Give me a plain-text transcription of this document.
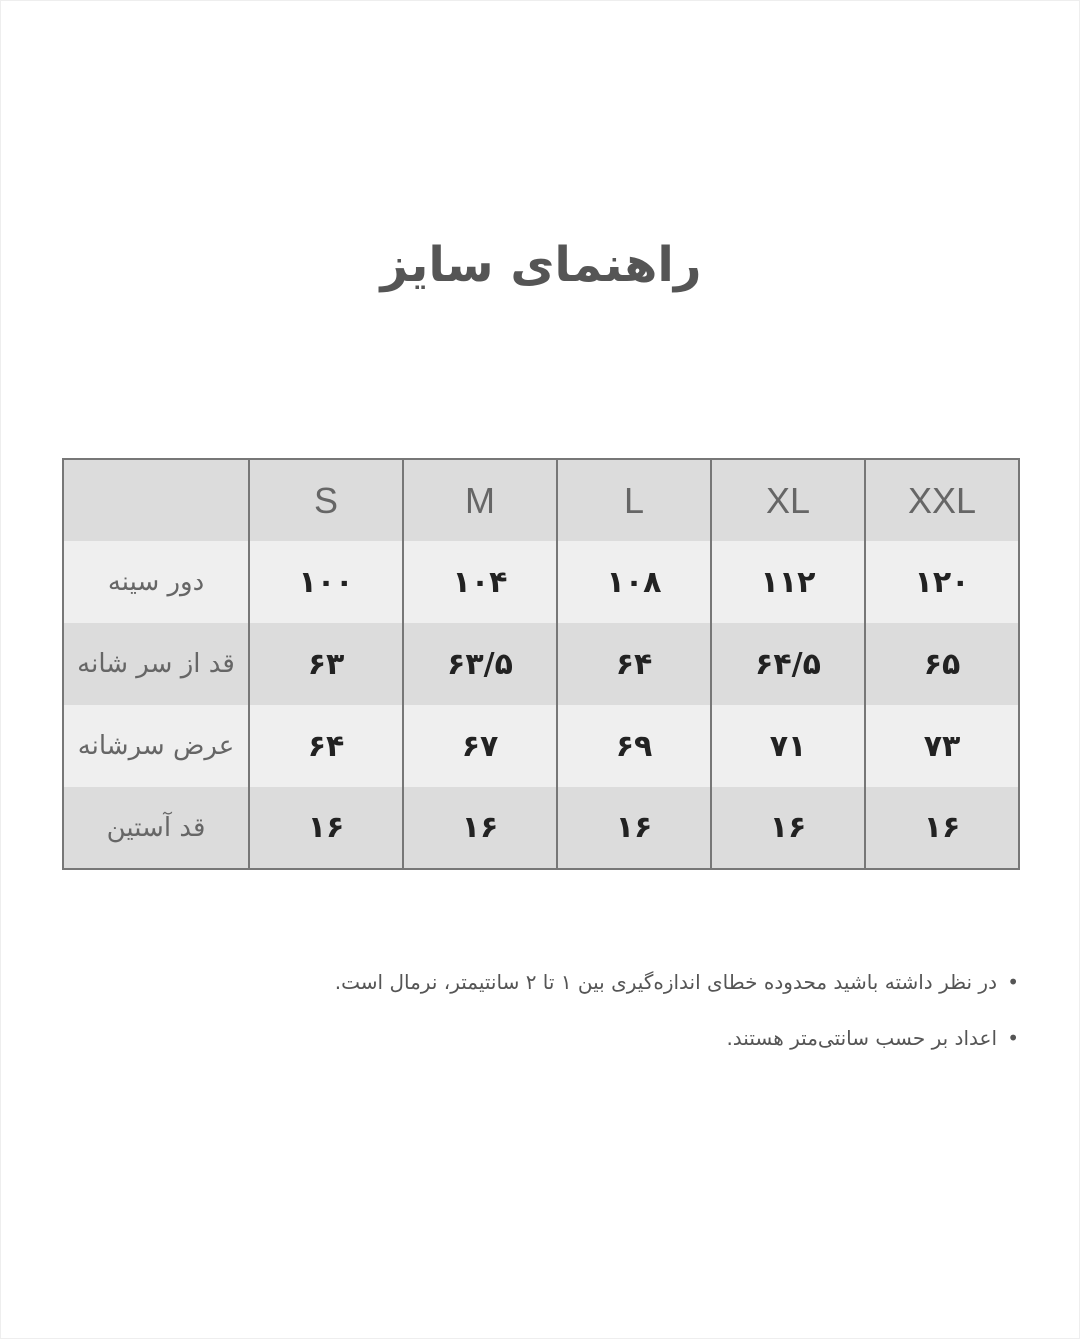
راهنمای سایز
	S	M	L	XL	XXL
دور سینه	۱۰۰	۱۰۴	۱۰۸	۱۱۲	۱۲۰
قد از سر شانه	۶۳	۶۳/۵	۶۴	۶۴/۵	۶۵
عرض سرشانه	۶۴	۶۷	۶۹	۷۱	۷۳
قد آستین	۱۶	۱۶	۱۶	۱۶	۱۶
•
در نظر داشته باشید محدوده خطای اندازه‌گیری بین ۱ تا ۲ سانتیمتر، نرمال است.
•
اعداد بر حسب سانتی‌متر هستند.
